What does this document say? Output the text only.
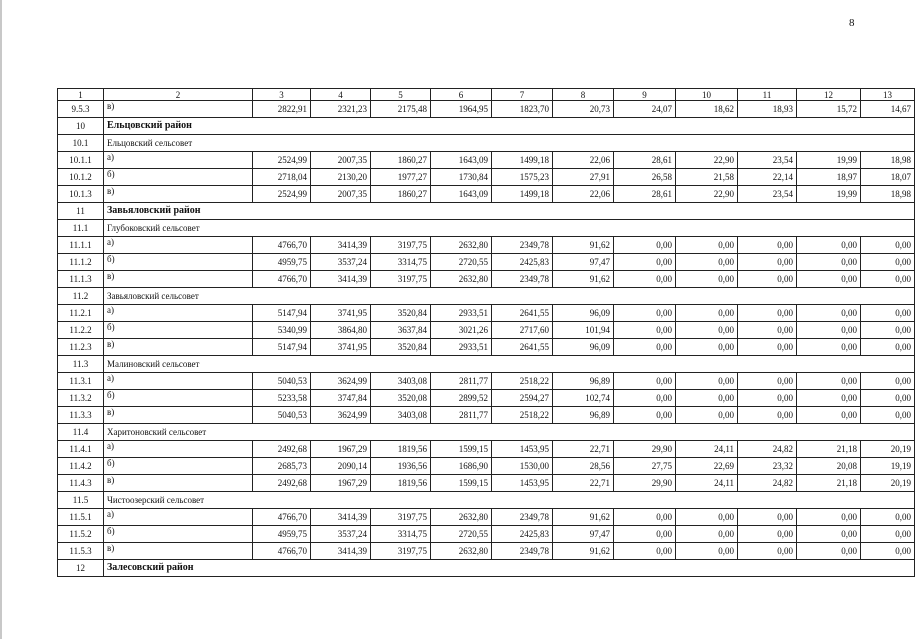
8
1	2	3	4	5	6	7	8	9	10	11	12	13
9.5.3	в)	2822,91	2321,23	2175,48	1964,95	1823,70	20,73	24,07	18,62	18,93	15,72	14,67
10	Ельцовский район											
10.1	Ельцовский сельсовет											
10.1.1	а)	2524,99	2007,35	1860,27	1643,09	1499,18	22,06	28,61	22,90	23,54	19,99	18,98
10.1.2	б)	2718,04	2130,20	1977,27	1730,84	1575,23	27,91	26,58	21,58	22,14	18,97	18,07
10.1.3	в)	2524,99	2007,35	1860,27	1643,09	1499,18	22,06	28,61	22,90	23,54	19,99	18,98
11	Завьяловский район											
11.1	Глубоковский сельсовет											
11.1.1	а)	4766,70	3414,39	3197,75	2632,80	2349,78	91,62	0,00	0,00	0,00	0,00	0,00
11.1.2	б)	4959,75	3537,24	3314,75	2720,55	2425,83	97,47	0,00	0,00	0,00	0,00	0,00
11.1.3	в)	4766,70	3414,39	3197,75	2632,80	2349,78	91,62	0,00	0,00	0,00	0,00	0,00
11.2	Завьяловский сельсовет											
11.2.1	а)	5147,94	3741,95	3520,84	2933,51	2641,55	96,09	0,00	0,00	0,00	0,00	0,00
11.2.2	б)	5340,99	3864,80	3637,84	3021,26	2717,60	101,94	0,00	0,00	0,00	0,00	0,00
11.2.3	в)	5147,94	3741,95	3520,84	2933,51	2641,55	96,09	0,00	0,00	0,00	0,00	0,00
11.3	Малиновский сельсовет											
11.3.1	а)	5040,53	3624,99	3403,08	2811,77	2518,22	96,89	0,00	0,00	0,00	0,00	0,00
11.3.2	б)	5233,58	3747,84	3520,08	2899,52	2594,27	102,74	0,00	0,00	0,00	0,00	0,00
11.3.3	в)	5040,53	3624,99	3403,08	2811,77	2518,22	96,89	0,00	0,00	0,00	0,00	0,00
11.4	Харитоновский сельсовет											
11.4.1	а)	2492,68	1967,29	1819,56	1599,15	1453,95	22,71	29,90	24,11	24,82	21,18	20,19
11.4.2	б)	2685,73	2090,14	1936,56	1686,90	1530,00	28,56	27,75	22,69	23,32	20,08	19,19
11.4.3	в)	2492,68	1967,29	1819,56	1599,15	1453,95	22,71	29,90	24,11	24,82	21,18	20,19
11.5	Чистоозерский сельсовет											
11.5.1	а)	4766,70	3414,39	3197,75	2632,80	2349,78	91,62	0,00	0,00	0,00	0,00	0,00
11.5.2	б)	4959,75	3537,24	3314,75	2720,55	2425,83	97,47	0,00	0,00	0,00	0,00	0,00
11.5.3	в)	4766,70	3414,39	3197,75	2632,80	2349,78	91,62	0,00	0,00	0,00	0,00	0,00
12	Залесовский район											
